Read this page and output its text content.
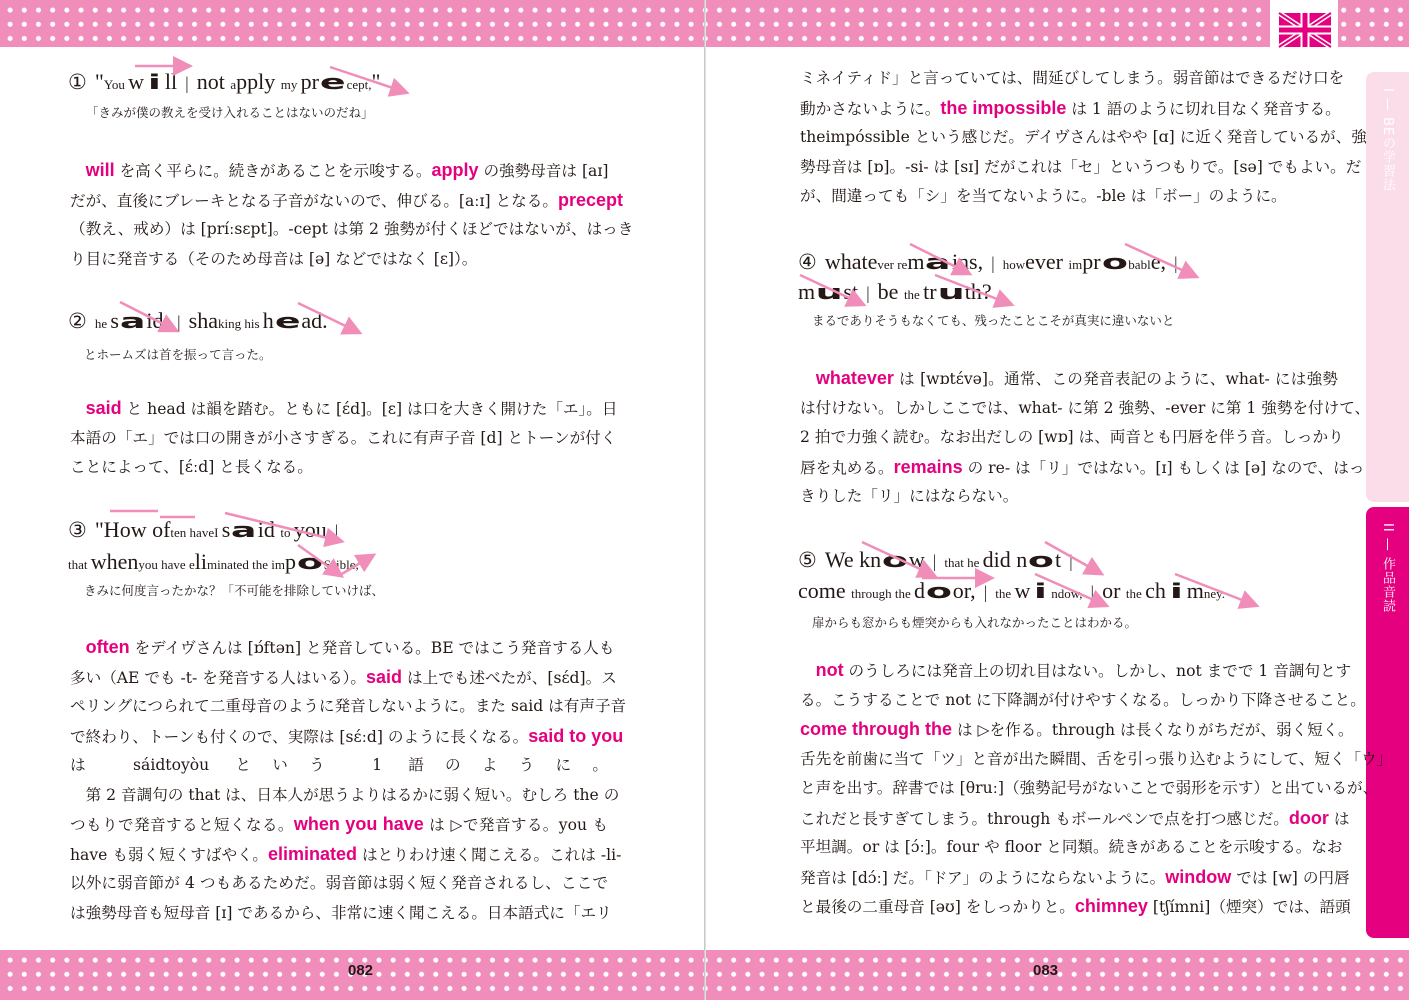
082	083
I — BEの学習法
II — 作品音読
① "You w i ll | not apply my precept,"
「きみが僕の教えを受け入れることはないのだね」
　will を高く平らに。続きがあることを示唆する。apply の強勢母音は [aɪ]
だが、直後にブレーキとなる子音がないので、伸びる。[aːɪ] となる。precept
（教え、戒め）は [príːsɛpt]。-cept は第 2 強勢が付くほどではないが、はっき
り目に発音する（そのため母音は [ə] などではなく [ɛ]）。
② he said, | shaking his head.
とホームズは首を振って言った。
　said と head は韻を踏む。ともに [ɛ́d]。[ɛ] は口を大きく開けた「エ」。日
本語の「エ」では口の開きが小さすぎる。これに有声子音 [d] とトーンが付く
ことによって、[ɛ́ːd] と長くなる。
③ "How often haveI said to you |
that whenyou have eliminated the impoSsible,
きみに何度言ったかな？「不可能を排除していけば、
　often をデイヴさんは [ɒ́ftən] と発音している。BE ではこう発音する人も
多い（AE でも -t- を発音する人はいる）。said は上でも述べたが、[sɛ́d]。ス
ペリングにつられて二重母音のように発音しないように。また said は有声子音
で終わり、トーンも付くので、実際は [sɛ́ːd] のように長くなる。said to you
は sáidtoyòu という 1 語のように。
　第 2 音調句の that は、日本人が思うよりはるかに弱く短い。むしろ the の
つもりで発音すると短くなる。when you have は ▷で発音する。you も
have も弱く短くすばやく。eliminated はとりわけ速く聞こえる。これは -li-
以外に弱音節が 4 つもあるためだ。弱音節は弱く短く発音されるし、ここで
は強勢母音も短母音 [ɪ] であるから、非常に速く聞こえる。日本語式に「エリ
ミネイティド」と言っていては、間延びしてしまう。弱音節はできるだけ口を
動かさないように。the impossible は 1 語のように切れ目なく発音する。
theimpóssible という感じだ。デイヴさんはやや [ɑ] に近く発音しているが、強
勢母音は [ɒ]。-si- は [sɪ] だがこれは「セ」というつもりで。[sə] でもよい。だ
が、間違っても「シ」を当てないように。-ble は「ボー」のように。
④ whatever remains, | however improbable, |
must | be the truth?
まるでありそうもなくても、残ったことこそが真実に違いないと
　whatever は [wɒtɛ́və]。通常、この発音表記のように、what- には強勢
は付けない。しかしここでは、what- に第 2 強勢、-ever に第 1 強勢を付けて、
2 拍で力強く読む。なお出だしの [wɒ] は、両音とも円唇を伴う音。しっかり
唇を丸める。remains の re- は「リ」ではない。[ɪ] もしくは [ə] なので、はっ
きりした「リ」にはならない。
⑤ We know | that he did not |
come through the door, | the w i ndow, | or the ch i mney.
扉からも窓からも煙突からも入れなかったことはわかる。
　not のうしろには発音上の切れ目はない。しかし、not までで 1 音調句とす
る。こうすることで not に下降調が付けやすくなる。しっかり下降させること。
come through the は ▷を作る。through は長くなりがちだが、弱く短く。
舌先を前歯に当て「ツ」と音が出た瞬間、舌を引っ張り込むようにして、短く「ウ」
と声を出す。辞書では [θruː]（強勢記号がないことで弱形を示す）と出ているが、
これだと長すぎてしまう。through もボールペンで点を打つ感じだ。door は
平坦調。or は [ɔ́ː]。four や floor と同類。続きがあることを示唆する。なお
発音は [dɔ́ː] だ。「ドア」のようにならないように。window では [w] の円唇
と最後の二重母音 [əʊ] をしっかりと。chimney [tʃímni]（煙突）では、語頭
